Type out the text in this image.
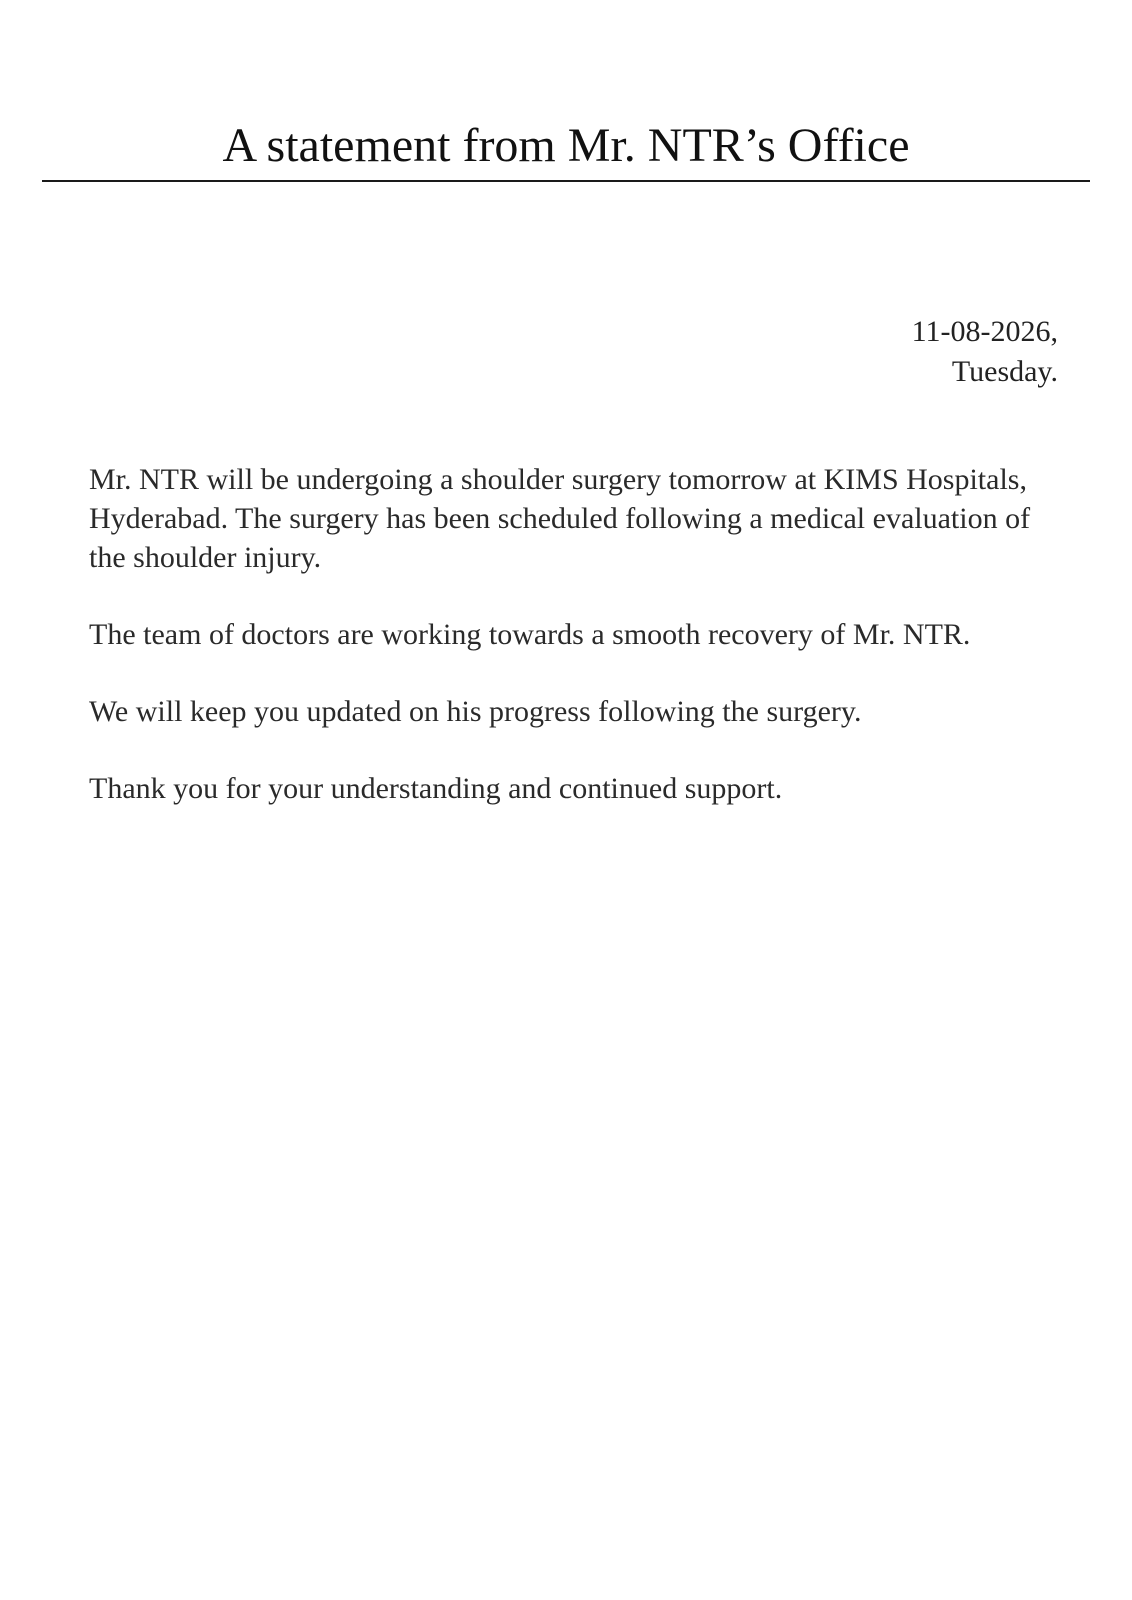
A statement from Mr. NTR’s Office
11-08-2026,
Tuesday.

Mr. NTR will be undergoing a shoulder surgery tomorrow at KIMS Hospitals, Hyderabad. The surgery has been scheduled following a medical evaluation of the shoulder injury.

The team of doctors are working towards a smooth recovery of Mr. NTR.

We will keep you updated on his progress following the surgery.

Thank you for your understanding and continued support.
